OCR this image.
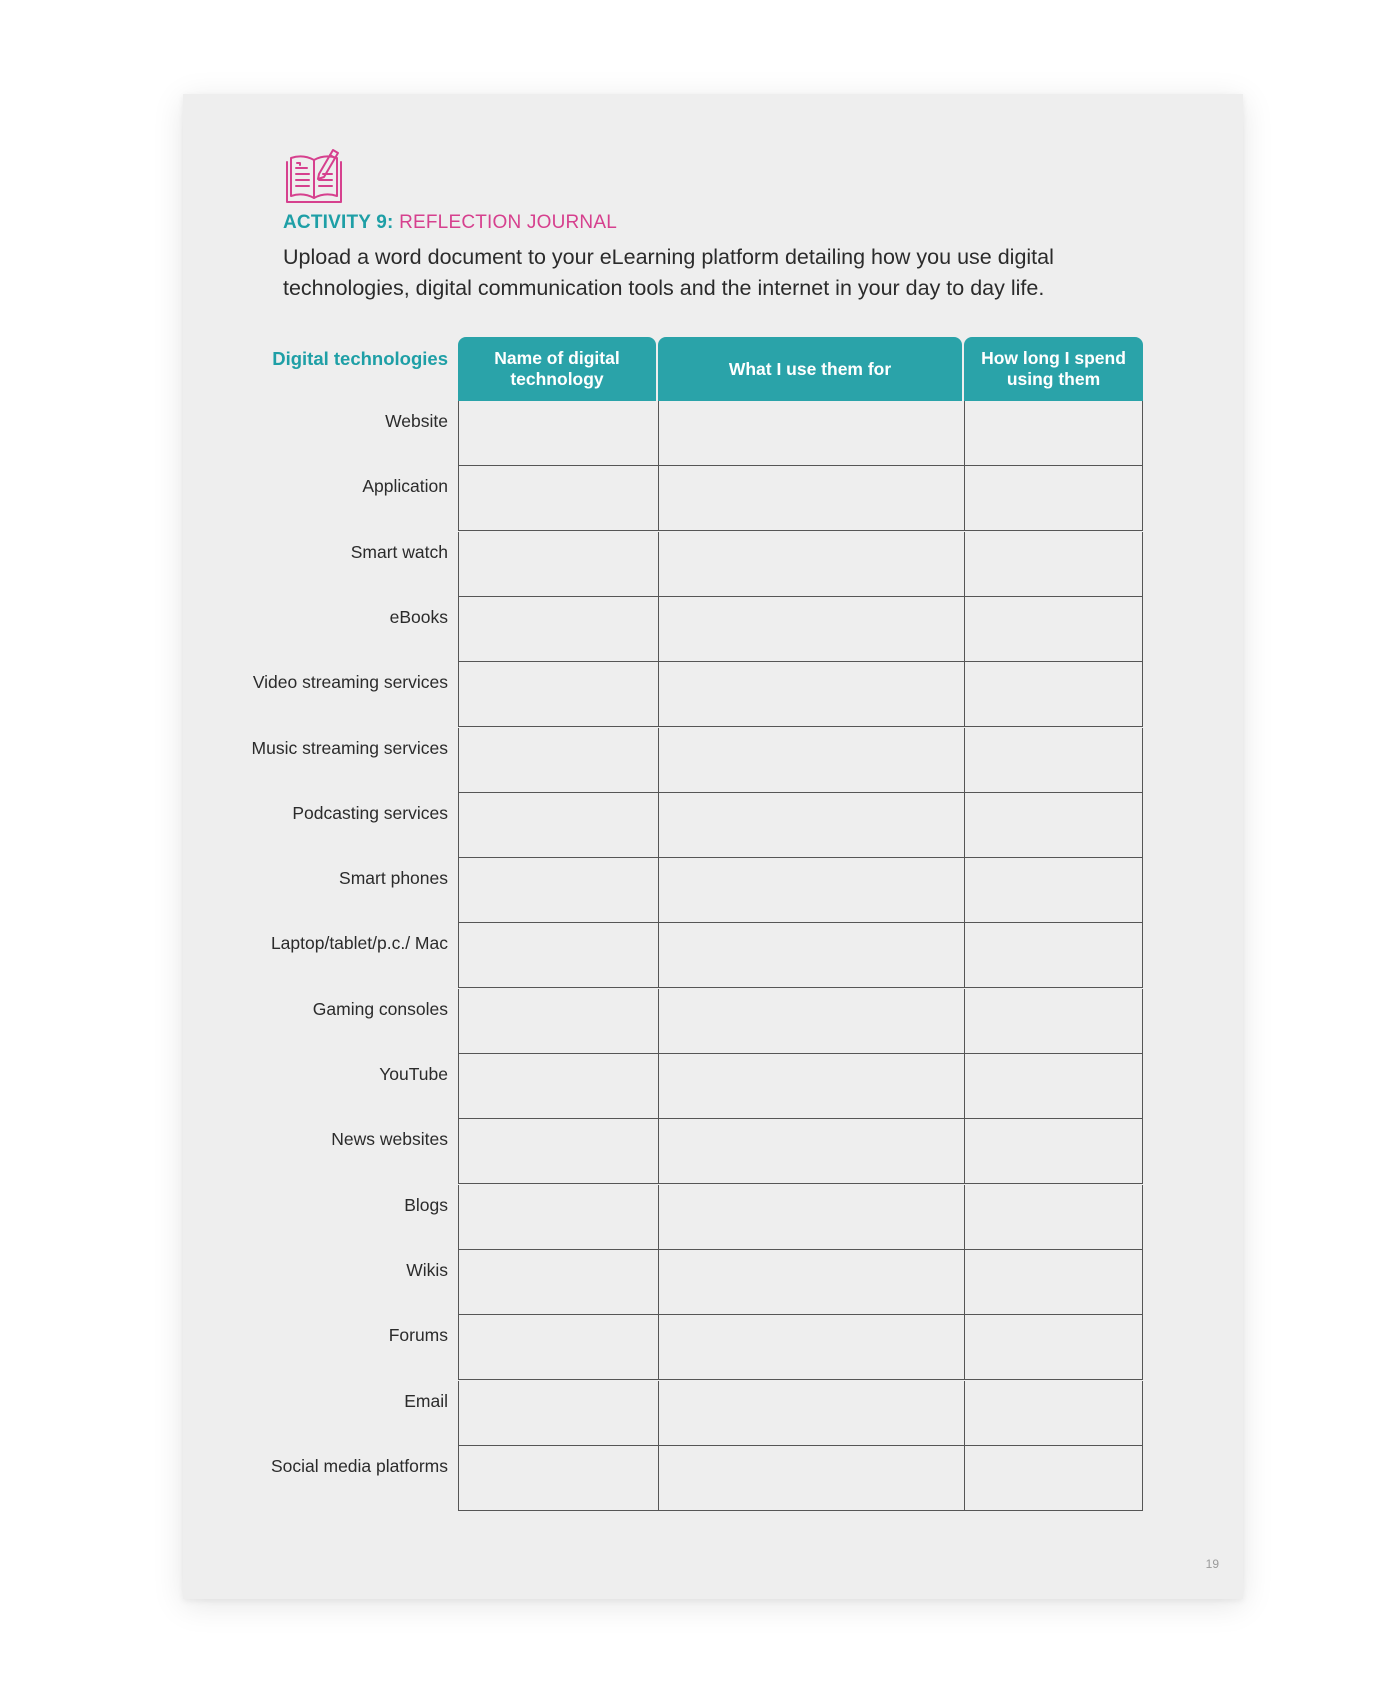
ACTIVITY 9: REFLECTION JOURNAL
Upload a word document to your eLearning platform detailing how you use digital technologies, digital communication tools and the internet in your day to day life.
Digital technologies	Name of digital technology
What I use them for
How long I spend using them
Website
Application
Smart watch
eBooks
Video streaming services
Music streaming services
Podcasting services
Smart phones
Laptop/tablet/p.c./ Mac
Gaming consoles
YouTube
News websites
Blogs
Wikis
Forums
Email
Social media platforms
19
